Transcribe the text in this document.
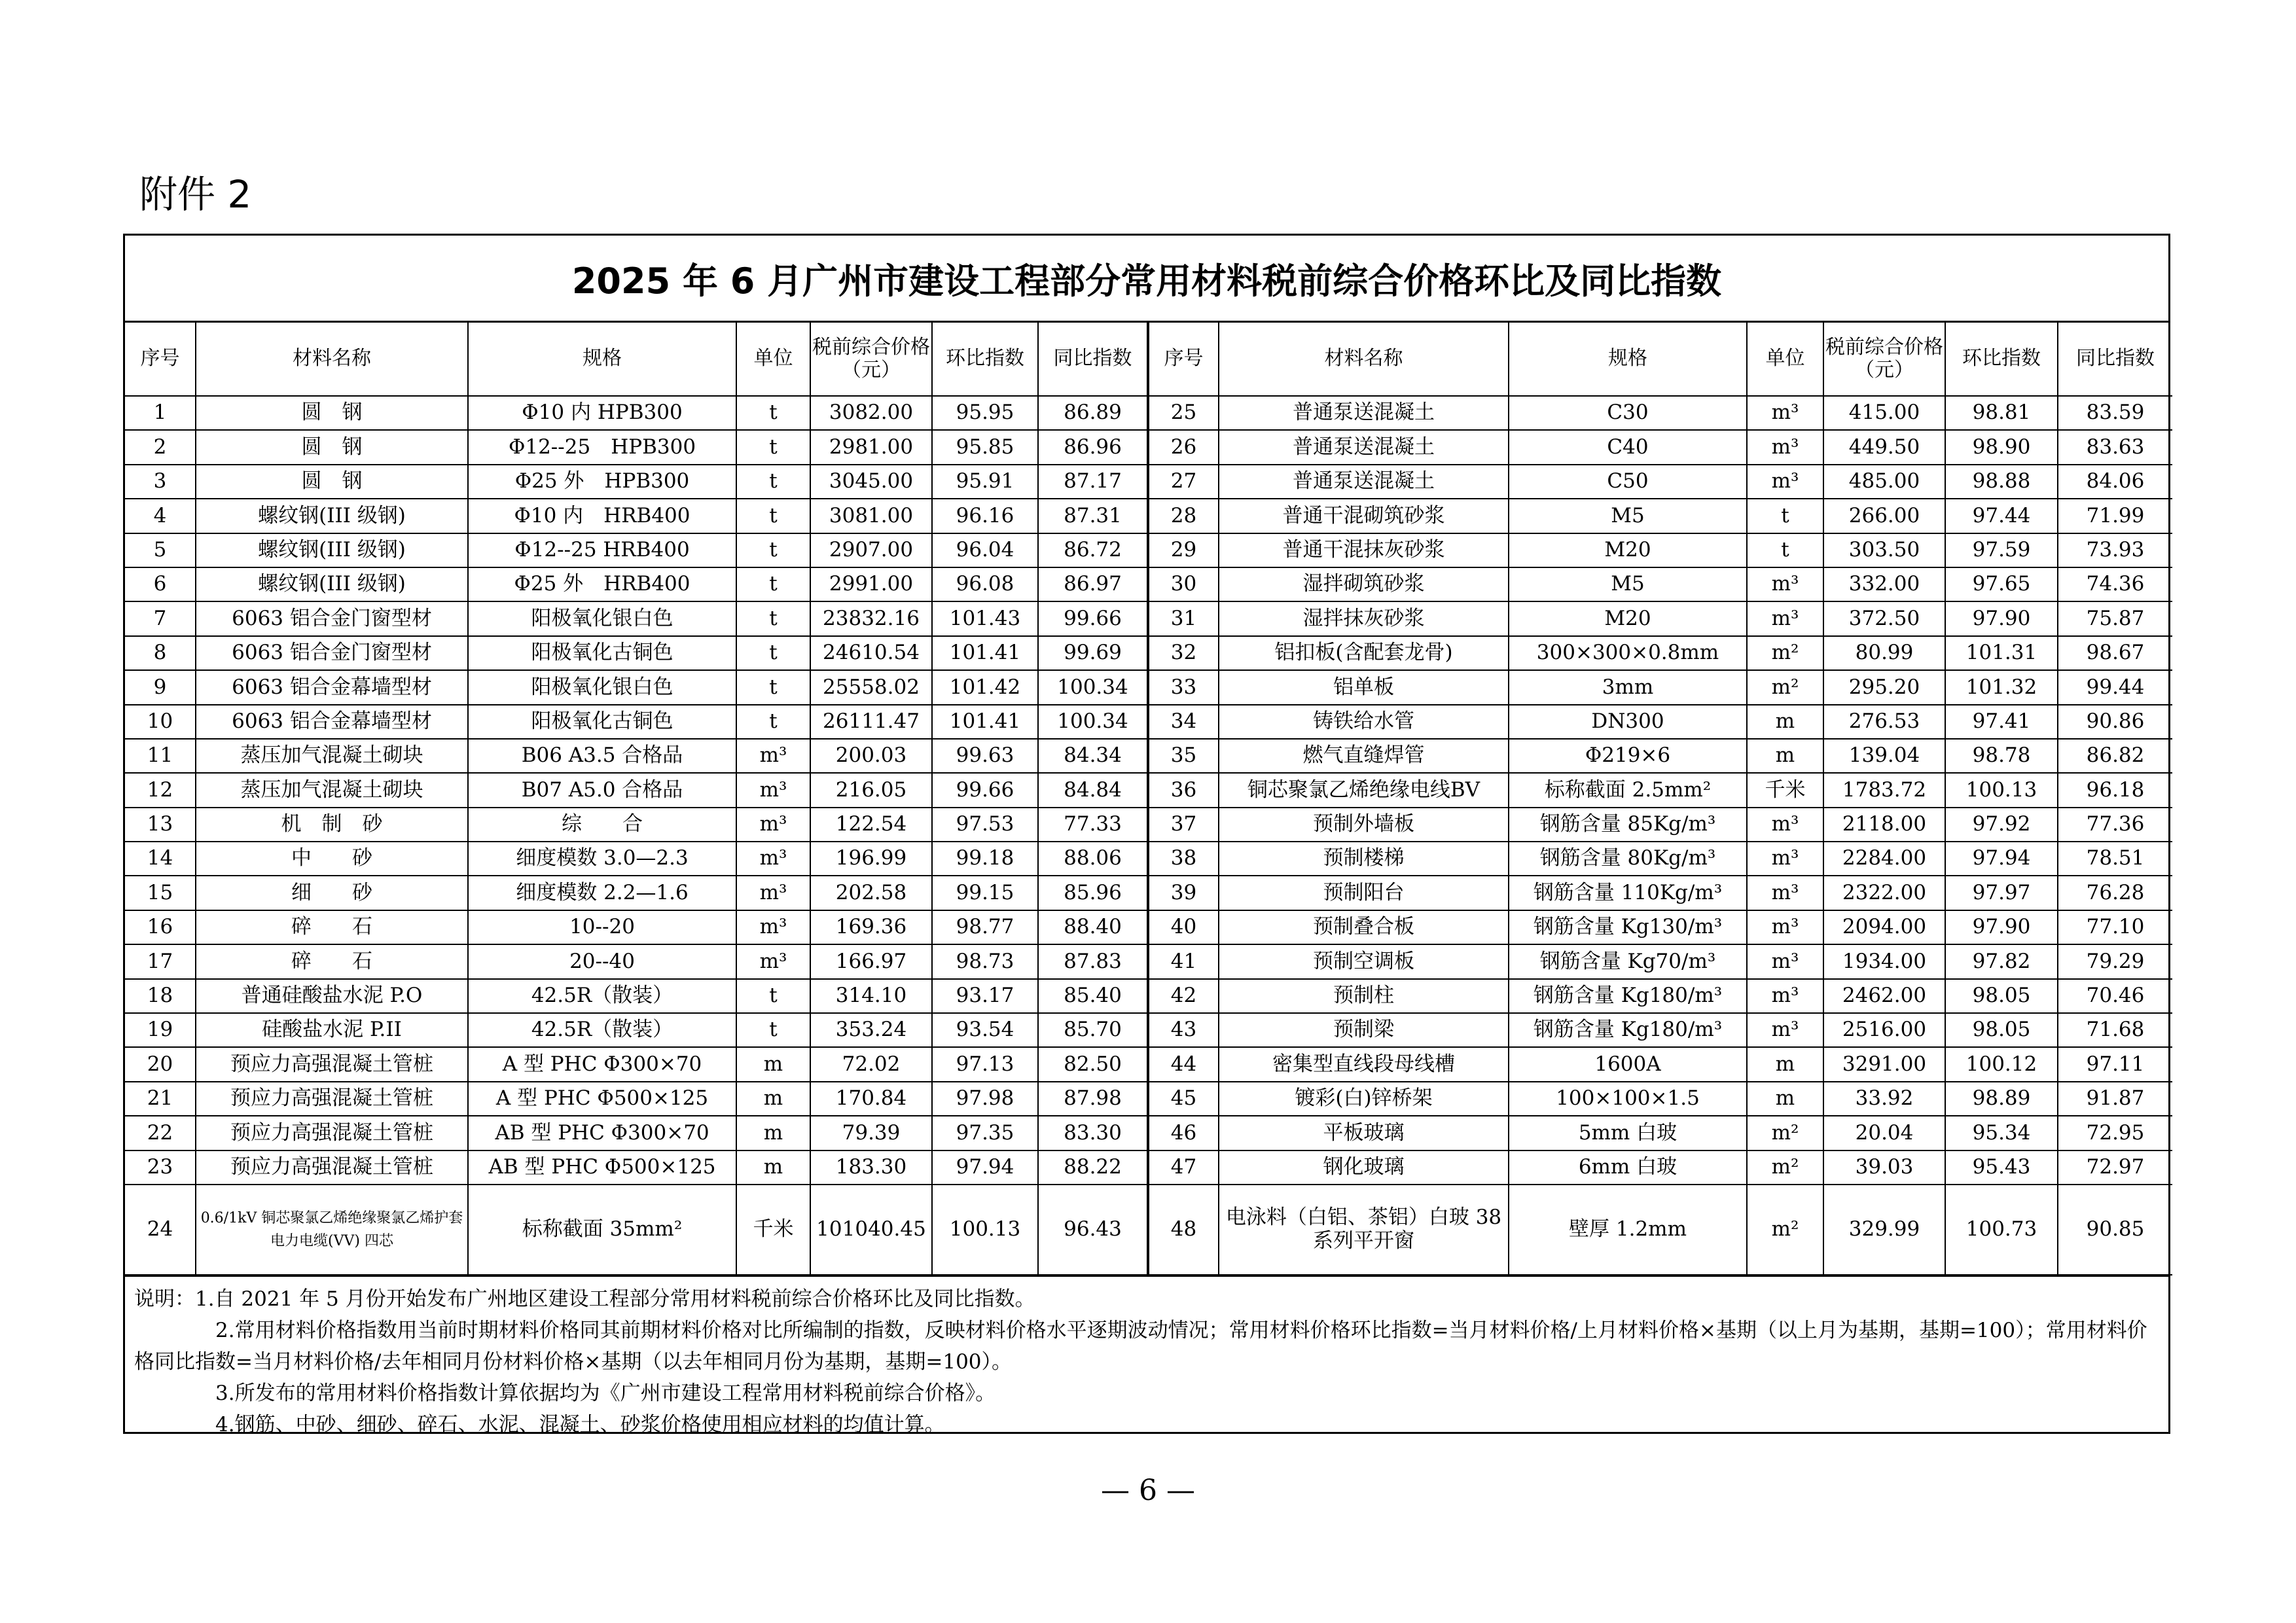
附件 2
2025 年 6 月广州市建设工程部分常用材料税前综合价格环比及同比指数
序号	材料名称	规格	单位	税前综合价格（元）	环比指数	同比指数	序号	材料名称	规格	单位	税前综合价格（元）	环比指数	同比指数
1	圆　钢	Φ10 内 HPB300	t	3082.00	95.95	86.89	25	普通泵送混凝土	C30	m³	415.00	98.81	83.59
2	圆　钢	Φ12--25　HPB300	t	2981.00	95.85	86.96	26	普通泵送混凝土	C40	m³	449.50	98.90	83.63
3	圆　钢	Φ25 外　HPB300	t	3045.00	95.91	87.17	27	普通泵送混凝土	C50	m³	485.00	98.88	84.06
4	螺纹钢(III 级钢)	Φ10 内　HRB400	t	3081.00	96.16	87.31	28	普通干混砌筑砂浆	M5	t	266.00	97.44	71.99
5	螺纹钢(III 级钢)	Φ12--25 HRB400	t	2907.00	96.04	86.72	29	普通干混抹灰砂浆	M20	t	303.50	97.59	73.93
6	螺纹钢(III 级钢)	Φ25 外　HRB400	t	2991.00	96.08	86.97	30	湿拌砌筑砂浆	M5	m³	332.00	97.65	74.36
7	6063 铝合金门窗型材	阳极氧化银白色	t	23832.16	101.43	99.66	31	湿拌抹灰砂浆	M20	m³	372.50	97.90	75.87
8	6063 铝合金门窗型材	阳极氧化古铜色	t	24610.54	101.41	99.69	32	铝扣板(含配套龙骨)	300×300×0.8mm	m²	80.99	101.31	98.67
9	6063 铝合金幕墙型材	阳极氧化银白色	t	25558.02	101.42	100.34	33	铝单板	3mm	m²	295.20	101.32	99.44
10	6063 铝合金幕墙型材	阳极氧化古铜色	t	26111.47	101.41	100.34	34	铸铁给水管	DN300	m	276.53	97.41	90.86
11	蒸压加气混凝土砌块	B06 A3.5 合格品	m³	200.03	99.63	84.34	35	燃气直缝焊管	Φ219×6	m	139.04	98.78	86.82
12	蒸压加气混凝土砌块	B07 A5.0 合格品	m³	216.05	99.66	84.84	36	铜芯聚氯乙烯绝缘电线BV	标称截面 2.5mm²	千米	1783.72	100.13	96.18
13	机　制　砂	综　　合	m³	122.54	97.53	77.33	37	预制外墙板	钢筋含量 85Kg/m³	m³	2118.00	97.92	77.36
14	中　　砂	细度模数 3.0—2.3	m³	196.99	99.18	88.06	38	预制楼梯	钢筋含量 80Kg/m³	m³	2284.00	97.94	78.51
15	细　　砂	细度模数 2.2—1.6	m³	202.58	99.15	85.96	39	预制阳台	钢筋含量 110Kg/m³	m³	2322.00	97.97	76.28
16	碎　　石	10--20	m³	169.36	98.77	88.40	40	预制叠合板	钢筋含量 Kg130/m³	m³	2094.00	97.90	77.10
17	碎　　石	20--40	m³	166.97	98.73	87.83	41	预制空调板	钢筋含量 Kg70/m³	m³	1934.00	97.82	79.29
18	普通硅酸盐水泥 P.O	42.5R（散装）	t	314.10	93.17	85.40	42	预制柱	钢筋含量 Kg180/m³	m³	2462.00	98.05	70.46
19	硅酸盐水泥 P.II	42.5R（散装）	t	353.24	93.54	85.70	43	预制梁	钢筋含量 Kg180/m³	m³	2516.00	98.05	71.68
20	预应力高强混凝土管桩	A 型 PHC Φ300×70	m	72.02	97.13	82.50	44	密集型直线段母线槽	1600A	m	3291.00	100.12	97.11
21	预应力高强混凝土管桩	A 型 PHC Φ500×125	m	170.84	97.98	87.98	45	镀彩(白)锌桥架	100×100×1.5	m	33.92	98.89	91.87
22	预应力高强混凝土管桩	AB 型 PHC Φ300×70	m	79.39	97.35	83.30	46	平板玻璃	5mm 白玻	m²	20.04	95.34	72.95
23	预应力高强混凝土管桩	AB 型 PHC Φ500×125	m	183.30	97.94	88.22	47	钢化玻璃	6mm 白玻	m²	39.03	95.43	72.97
24	0.6/1kV 铜芯聚氯乙烯绝缘聚氯乙烯护套电力电缆(VV) 四芯	标称截面 35mm²	千米	101040.45	100.13	96.43	48	电泳料（白铝、茶铝）白玻 38 系列平开窗	壁厚 1.2mm	m²	329.99	100.73	90.85

说明：1.自 2021 年 5 月份开始发布广州地区建设工程部分常用材料税前综合价格环比及同比指数。

2.常用材料价格指数用当前时期材料价格同其前期材料价格对比所编制的指数，反映材料价格水平逐期波动情况；常用材料价格环比指数=当月材料价格/上月材料价格×基期（以上月为基期，基期=100）；常用材料价格同比指数=当月材料价格/去年相同月份材料价格×基期（以去年相同月份为基期，基期=100）。

3.所发布的常用材料价格指数计算依据均为《广州市建设工程常用材料税前综合价格》。

4.钢筋、中砂、细砂、碎石、水泥、混凝土、砂浆价格使用相应材料的均值计算。

— 6 —
